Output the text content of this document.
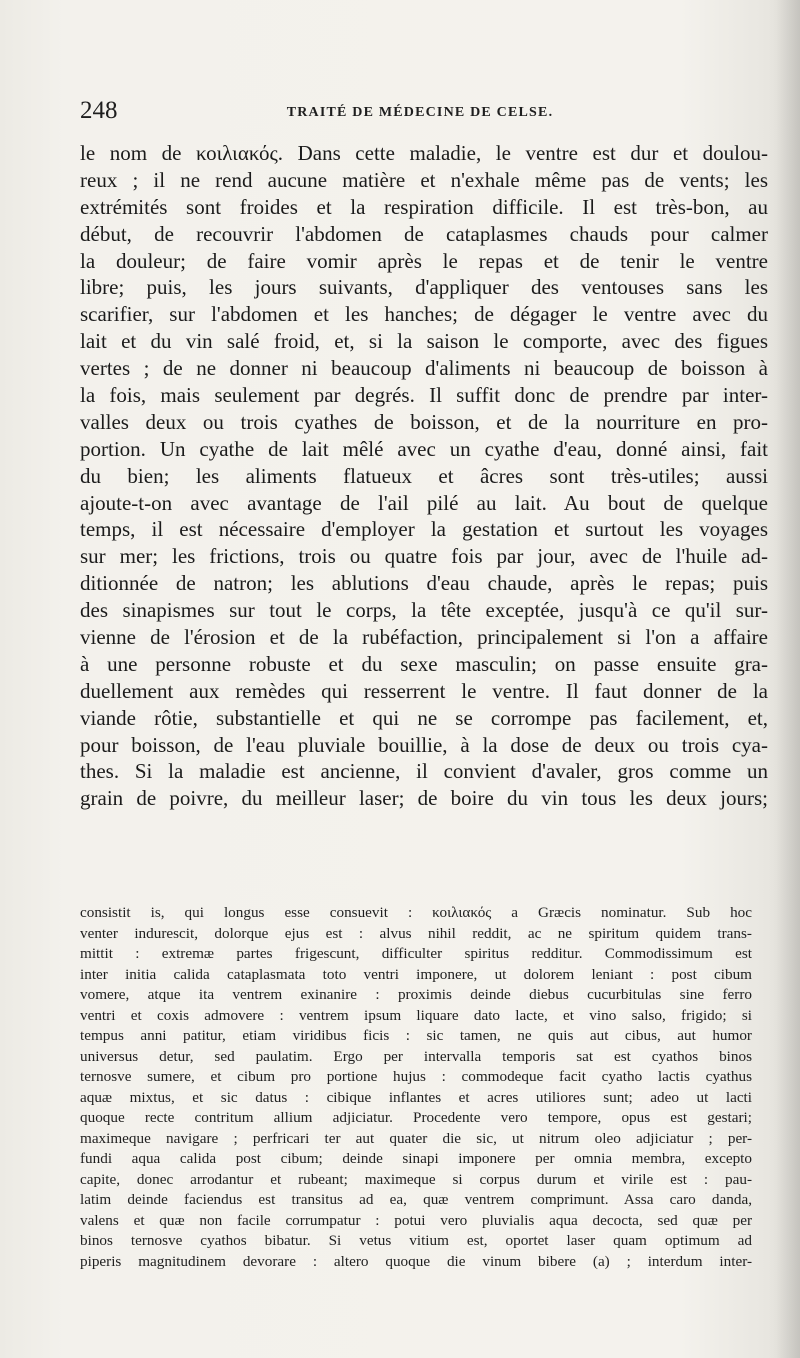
248	TRAITÉ DE MÉDECINE DE CELSE.
le nom de κοιλιακός. Dans cette maladie, le ventre est dur et doulou-
reux ; il ne rend aucune matière et n'exhale même pas de vents; les
extrémités sont froides et la respiration difficile. Il est très-bon, au
début, de recouvrir l'abdomen de cataplasmes chauds pour calmer
la douleur; de faire vomir après le repas et de tenir le ventre
libre; puis, les jours suivants, d'appliquer des ventouses sans les
scarifier, sur l'abdomen et les hanches; de dégager le ventre avec du
lait et du vin salé froid, et, si la saison le comporte, avec des figues
vertes ; de ne donner ni beaucoup d'aliments ni beaucoup de boisson à
la fois, mais seulement par degrés. Il suffit donc de prendre par inter-
valles deux ou trois cyathes de boisson, et de la nourriture en pro-
portion. Un cyathe de lait mêlé avec un cyathe d'eau, donné ainsi, fait
du bien; les aliments flatueux et âcres sont très-utiles; aussi
ajoute-t-on avec avantage de l'ail pilé au lait. Au bout de quelque
temps, il est nécessaire d'employer la gestation et surtout les voyages
sur mer; les frictions, trois ou quatre fois par jour, avec de l'huile ad-
ditionnée de natron; les ablutions d'eau chaude, après le repas; puis
des sinapismes sur tout le corps, la tête exceptée, jusqu'à ce qu'il sur-
vienne de l'érosion et de la rubéfaction, principalement si l'on a affaire
à une personne robuste et du sexe masculin; on passe ensuite gra-
duellement aux remèdes qui resserrent le ventre. Il faut donner de la
viande rôtie, substantielle et qui ne se corrompe pas facilement, et,
pour boisson, de l'eau pluviale bouillie, à la dose de deux ou trois cya-
thes. Si la maladie est ancienne, il convient d'avaler, gros comme un
grain de poivre, du meilleur laser; de boire du vin tous les deux jours;
consistit is, qui longus esse consuevit : κοιλιακός a Græcis nominatur. Sub hoc
venter indurescit, dolorque ejus est : alvus nihil reddit, ac ne spiritum quidem trans-
mittit : extremæ partes frigescunt, difficulter spiritus redditur. Commodissimum est
inter initia calida cataplasmata toto ventri imponere, ut dolorem leniant : post cibum
vomere, atque ita ventrem exinanire : proximis deinde diebus cucurbitulas sine ferro
ventri et coxis admovere : ventrem ipsum liquare dato lacte, et vino salso, frigido; si
tempus anni patitur, etiam viridibus ficis : sic tamen, ne quis aut cibus, aut humor
universus detur, sed paulatim. Ergo per intervalla temporis sat est cyathos binos
ternosve sumere, et cibum pro portione hujus : commodeque facit cyatho lactis cyathus
aquæ mixtus, et sic datus : cibique inflantes et acres utiliores sunt; adeo ut lacti
quoque recte contritum allium adjiciatur. Procedente vero tempore, opus est gestari;
maximeque navigare ; perfricari ter aut quater die sic, ut nitrum oleo adjiciatur ; per-
fundi aqua calida post cibum; deinde sinapi imponere per omnia membra, excepto
capite, donec arrodantur et rubeant; maximeque si corpus durum et virile est : pau-
latim deinde faciendus est transitus ad ea, quæ ventrem comprimunt. Assa caro danda,
valens et quæ non facile corrumpatur : potui vero pluvialis aqua decocta, sed quæ per
binos ternosve cyathos bibatur. Si vetus vitium est, oportet laser quam optimum ad
piperis magnitudinem devorare : altero quoque die vinum bibere (a) ; interdum inter-
